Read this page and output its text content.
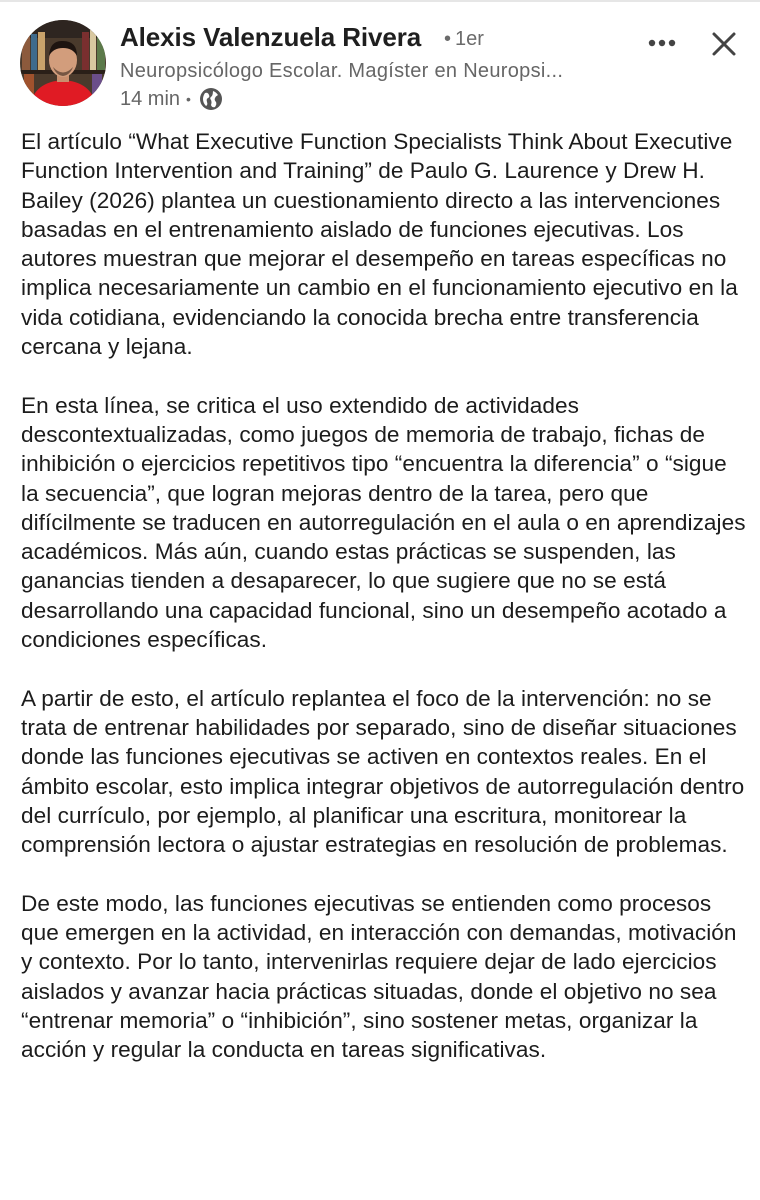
Alexis Valenzuela Rivera • 1er
Neuropsicólogo Escolar. Magíster en Neuropsi...
14 min •

El artículo “What Executive Function Specialists Think About Executive Function Intervention and Training” de Paulo G. Laurence y Drew H. Bailey (2026) plantea un cuestionamiento directo a las intervenciones basadas en el entrenamiento aislado de funciones ejecutivas. Los autores muestran que mejorar el desempeño en tareas específicas no implica necesariamente un cambio en el funcionamiento ejecutivo en la vida cotidiana, evidenciando la conocida brecha entre transferencia cercana y lejana.

En esta línea, se critica el uso extendido de actividades descontextualizadas, como juegos de memoria de trabajo, fichas de inhibición o ejercicios repetitivos tipo “encuentra la diferencia” o “sigue la secuencia”, que logran mejoras dentro de la tarea, pero que difícilmente se traducen en autorregulación en el aula o en aprendizajes académicos. Más aún, cuando estas prácticas se suspenden, las ganancias tienden a desaparecer, lo que sugiere que no se está desarrollando una capacidad funcional, sino un desempeño acotado a condiciones específicas.

A partir de esto, el artículo replantea el foco de la intervención: no se trata de entrenar habilidades por separado, sino de diseñar situaciones donde las funciones ejecutivas se activen en contextos reales. En el ámbito escolar, esto implica integrar objetivos de autorregulación dentro del currículo, por ejemplo, al planificar una escritura, monitorear la comprensión lectora o ajustar estrategias en resolución de problemas.

De este modo, las funciones ejecutivas se entienden como procesos que emergen en la actividad, en interacción con demandas, motivación y contexto. Por lo tanto, intervenirlas requiere dejar de lado ejercicios aislados y avanzar hacia prácticas situadas, donde el objetivo no sea “entrenar memoria” o “inhibición”, sino sostener metas, organizar la acción y regular la conducta en tareas significativas.
